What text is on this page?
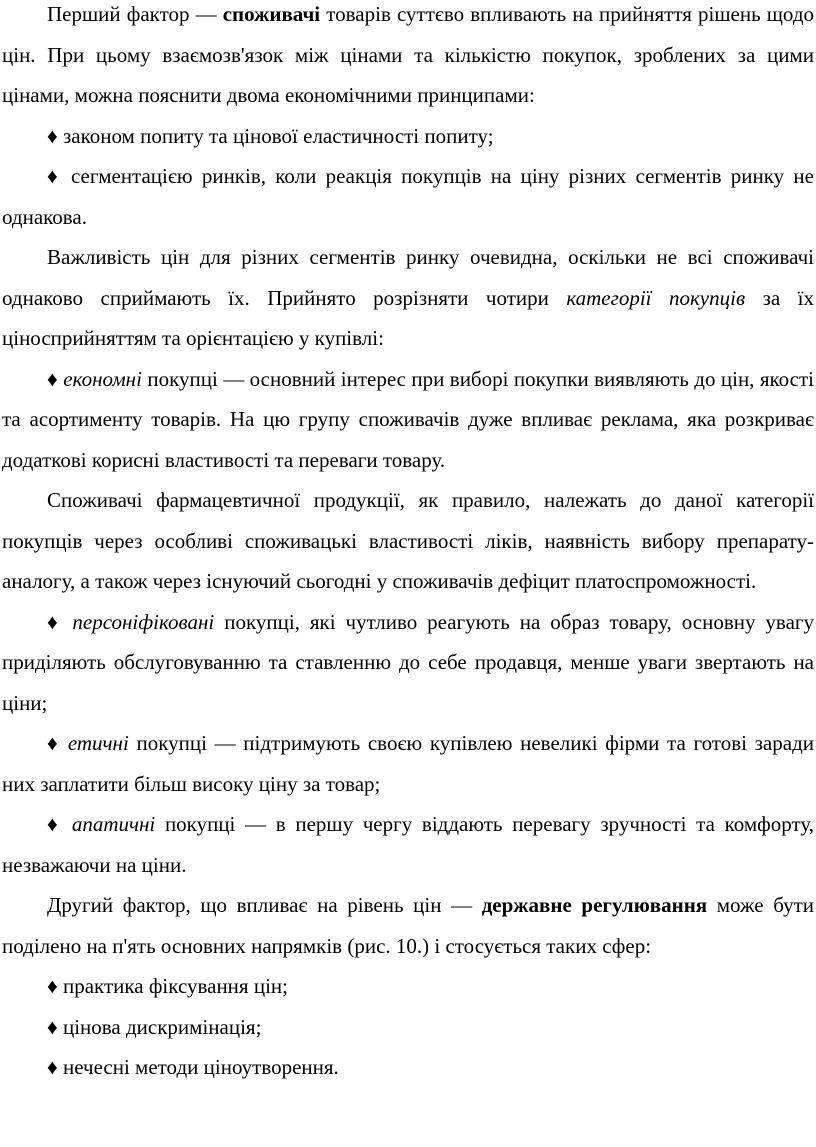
Перший фактор — споживачі товарів суттєво впливають на прийняття рішень щодо цін. При цьому взаємозв'язок між цінами та кількістю покупок, зроблених за цими цінами, можна пояснити двома економічними принципами:

♦ законом попиту та цінової еластичності попиту;

♦ сегментацією ринків, коли реакція покупців на ціну різних сегментів ринку не однакова.

Важливість цін для різних сегментів ринку очевидна, оскільки не всі споживачі однаково сприймають їх. Прийнято розрізняти чотири категорії покупців за їх ціносприйняттям та орієнтацією у купівлі:

♦ економні покупці — основний інтерес при виборі покупки виявляють до цін, якості та асортименту товарів. На цю групу споживачів дуже впливає реклама, яка розкриває додаткові корисні властивості та переваги товару.

Споживачі фармацевтичної продукції, як правило, належать до даної категорії покупців через особливі споживацькі властивості ліків, наявність вибору препарату-аналогу, а також через існуючий сьогодні у споживачів дефіцит платоспроможності.

♦ персоніфіковані покупці, які чутливо реагують на образ товару, основну увагу приділяють обслуговуванню та ставленню до себе продавця, менше уваги звертають на ціни;

♦ етичні покупці — підтримують своєю купівлею невеликі фірми та готові заради них заплатити більш високу ціну за товар;

♦ апатичні покупці — в першу чергу віддають перевагу зручності та комфорту, незважаючи на ціни.

Другий фактор, що впливає на рівень цін — державне регулювання може бути поділено на п'ять основних напрямків (рис. 10.) і стосується таких сфер:

♦ практика фіксування цін;

♦ цінова дискримінація;

♦ нечесні методи ціноутворення.
